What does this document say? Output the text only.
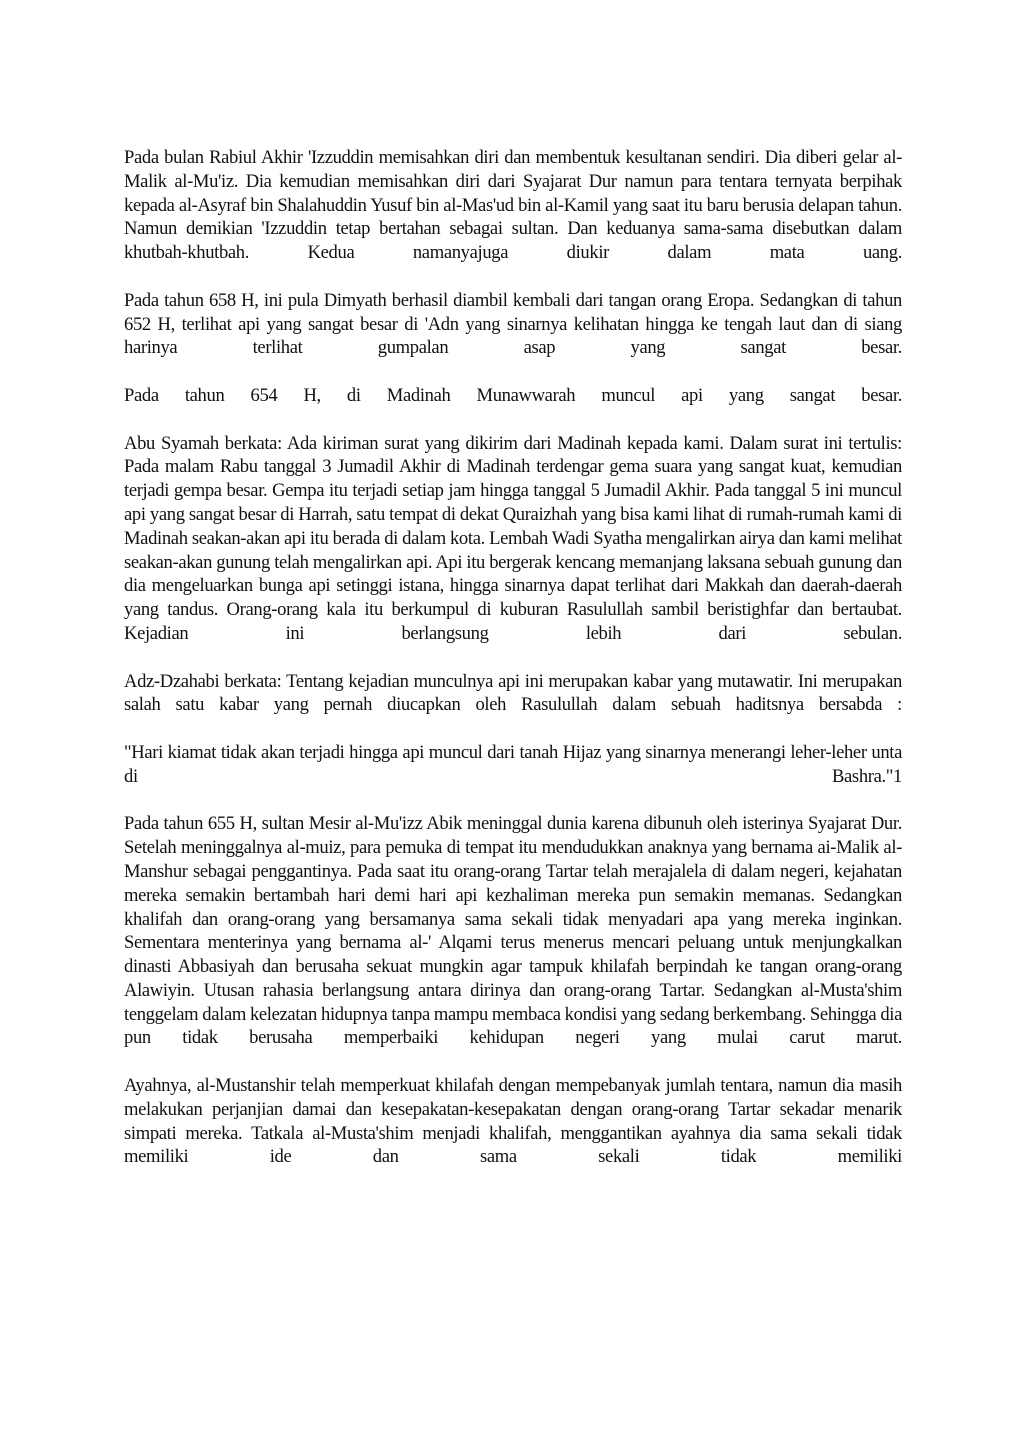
Pada bulan Rabiul Akhir 'Izzuddin memisahkan diri dan membentuk kesultanan sendiri. Dia diberi gelar al-Malik al-Mu'iz. Dia kemudian memisahkan diri dari Syajarat Dur namun para tentara ternyata berpihak kepada al-Asyraf bin Shalahuddin Yusuf bin al-Mas'ud bin al-Kamil yang saat itu baru berusia delapan tahun. Namun demikian 'Izzuddin tetap bertahan sebagai sultan. Dan keduanya sama-sama disebutkan dalam khutbah-khutbah. Kedua namanyajuga diukir dalam mata uang.

Pada tahun 658 H, ini pula Dimyath berhasil diambil kembali dari tangan orang Eropa. Sedangkan di tahun 652 H, terlihat api yang sangat besar di 'Adn yang sinarnya kelihatan hingga ke tengah laut dan di siang harinya terlihat gumpalan asap yang sangat besar.

Pada tahun 654 H, di Madinah Munawwarah muncul api yang sangat besar.

Abu Syamah berkata: Ada kiriman surat yang dikirim dari Madinah kepada kami. Dalam surat ini tertulis: Pada malam Rabu tanggal 3 Jumadil Akhir di Madinah terdengar gema suara yang sangat kuat, kemudian terjadi gempa besar. Gempa itu terjadi setiap jam hingga tanggal 5 Jumadil Akhir. Pada tanggal 5 ini muncul api yang sangat besar di Harrah, satu tempat di dekat Quraizhah yang bisa kami lihat di rumah-rumah kami di Madinah seakan-akan api itu berada di dalam kota. Lembah Wadi Syatha mengalirkan airya dan kami melihat seakan-akan gunung telah mengalirkan api. Api itu bergerak kencang memanjang laksana sebuah gunung dan dia mengeluarkan bunga api setinggi istana, hingga sinarnya dapat terlihat dari Makkah dan daerah-daerah yang tandus. Orang-orang kala itu berkumpul di kuburan Rasulullah sambil beristighfar dan bertaubat. Kejadian ini berlangsung lebih dari sebulan.

Adz-Dzahabi berkata: Tentang kejadian munculnya api ini merupakan kabar yang mutawatir. Ini merupakan salah satu kabar yang pernah diucapkan oleh Rasulullah dalam sebuah haditsnya bersabda :

"Hari kiamat tidak akan terjadi hingga api muncul dari tanah Hijaz yang sinarnya menerangi leher-leher unta di Bashra."1

Pada tahun 655 H, sultan Mesir al-Mu'izz Abik meninggal dunia karena dibunuh oleh isterinya Syajarat Dur. Setelah meninggalnya al-muiz, para pemuka di tempat itu mendudukkan anaknya yang bernama ai-Malik al-Manshur sebagai penggantinya. Pada saat itu orang-orang Tartar telah merajalela di dalam negeri, kejahatan mereka semakin bertambah hari demi hari api kezhaliman mereka pun semakin memanas. Sedangkan khalifah dan orang-orang yang bersamanya sama sekali tidak menyadari apa yang mereka inginkan. Sementara menterinya yang bernama al-' Alqami terus menerus mencari peluang untuk menjungkalkan dinasti Abbasiyah dan berusaha sekuat mungkin agar tampuk khilafah berpindah ke tangan orang-orang Alawiyin. Utusan rahasia berlangsung antara dirinya dan orang-orang Tartar. Sedangkan al-Musta'shim tenggelam dalam kelezatan hidupnya tanpa mampu membaca kondisi yang sedang berkembang. Sehingga dia pun tidak berusaha memperbaiki kehidupan negeri yang mulai carut marut.

Ayahnya, al-Mustanshir telah memperkuat khilafah dengan mempebanyak jumlah tentara, namun dia masih melakukan perjanjian damai dan kesepakatan-kesepakatan dengan orang-orang Tartar sekadar menarik simpati mereka. Tatkala al-Musta'shim menjadi khalifah, menggantikan ayahnya dia sama sekali tidak memiliki ide dan sama sekali tidak memiliki
